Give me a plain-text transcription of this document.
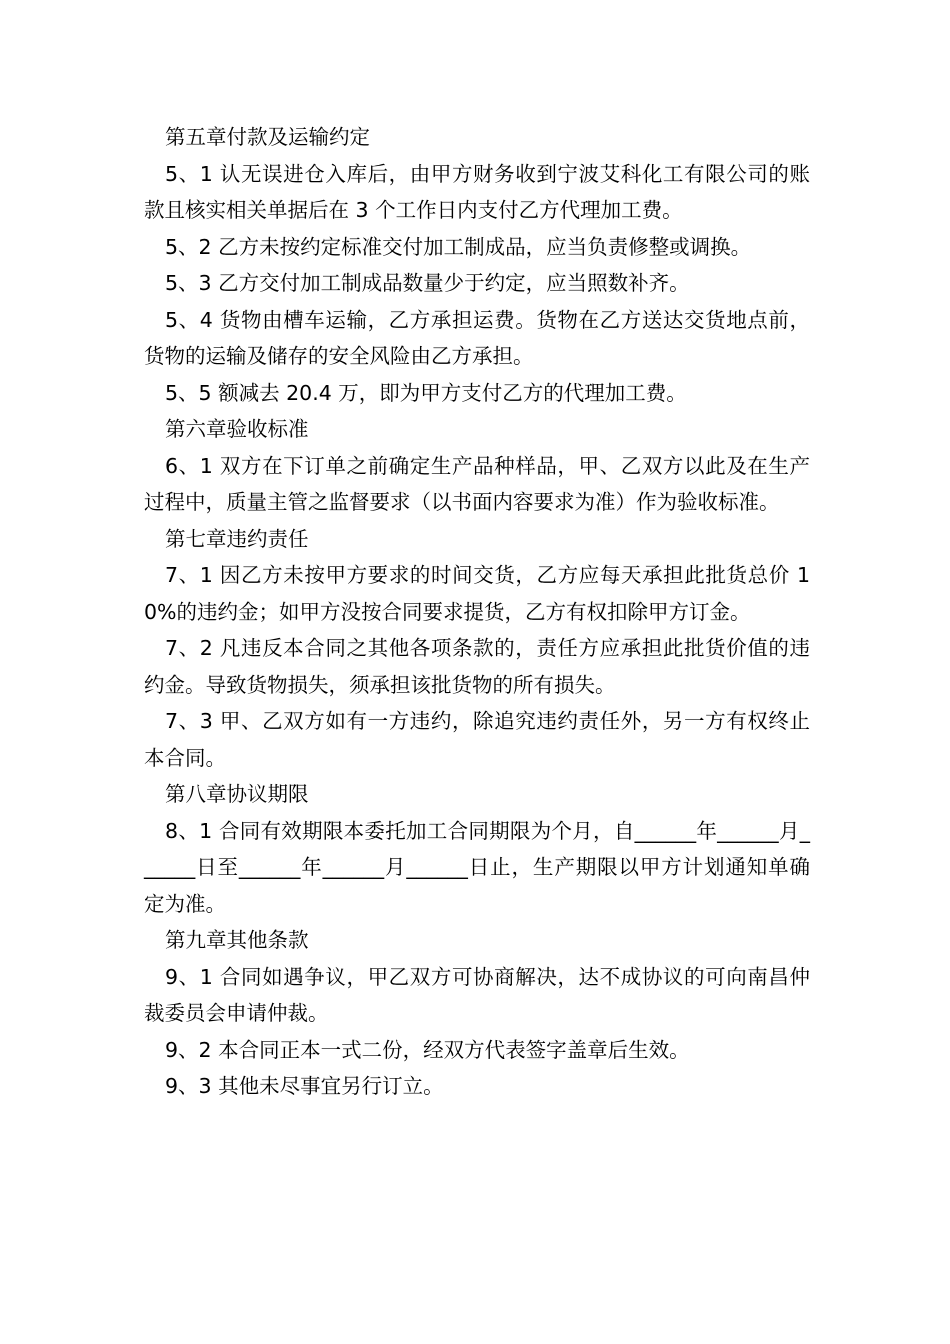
第五章付款及运输约定

5、1 认无误进仓入库后，由甲方财务收到宁波艾科化工有限公司的账款且核实相关单据后在 3 个工作日内支付乙方代理加工费。

5、2 乙方未按约定标准交付加工制成品，应当负责修整或调换。

5、3 乙方交付加工制成品数量少于约定，应当照数补齐。

5、4 货物由槽车运输，乙方承担运费。货物在乙方送达交货地点前，货物的运输及储存的安全风险由乙方承担。

5、5 额减去 20.4 万，即为甲方支付乙方的代理加工费。

第六章验收标准

6、1 双方在下订单之前确定生产品种样品，甲、乙双方以此及在生产过程中，质量主管之监督要求（以书面内容要求为准）作为验收标准。

第七章违约责任

7、1 因乙方未按甲方要求的时间交货，乙方应每天承担此批货总价 10%的违约金；如甲方没按合同要求提货，乙方有权扣除甲方订金。

7、2 凡违反本合同之其他各项条款的，责任方应承担此批货价值的违约金。导致货物损失，须承担该批货物的所有损失。

7、3 甲、乙双方如有一方违约，除追究违约责任外，另一方有权终止本合同。

第八章协议期限

8、1 合同有效期限本委托加工合同期限为个月，自______年______月______日至______年______月______日止，生产期限以甲方计划通知单确定为准。

第九章其他条款

9、1 合同如遇争议，甲乙双方可协商解决，达不成协议的可向南昌仲裁委员会申请仲裁。

9、2 本合同正本一式二份，经双方代表签字盖章后生效。

9、3 其他未尽事宜另行订立。
